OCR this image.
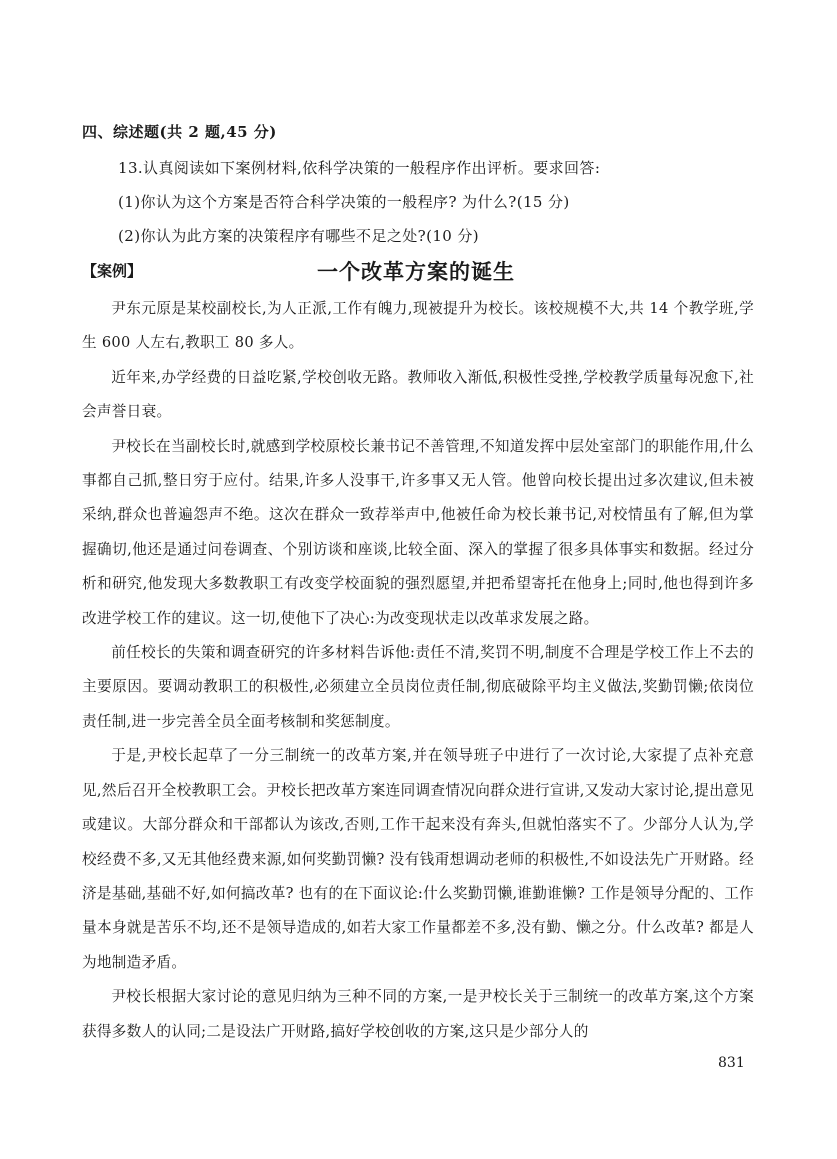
四、综述题(共 2 题,45 分)
13.认真阅读如下案例材料,依科学决策的一般程序作出评析。要求回答:
(1)你认为这个方案是否符合科学决策的一般程序? 为什么?(15 分)
(2)你认为此方案的决策程序有哪些不足之处?(10 分)
【案例】	一个改革方案的诞生

尹东元原是某校副校长,为人正派,工作有魄力,现被提升为校长。该校规模不大,共 14 个教学班,学生 600 人左右,教职工 80 多人。

近年来,办学经费的日益吃紧,学校创收无路。教师收入渐低,积极性受挫,学校教学质量每况愈下,社会声誉日衰。

尹校长在当副校长时,就感到学校原校长兼书记不善管理,不知道发挥中层处室部门的职能作用,什么事都自己抓,整日穷于应付。结果,许多人没事干,许多事又无人管。他曾向校长提出过多次建议,但未被采纳,群众也普遍怨声不绝。这次在群众一致荐举声中,他被任命为校长兼书记,对校情虽有了解,但为掌握确切,他还是通过问卷调查、个别访谈和座谈,比较全面、深入的掌握了很多具体事实和数据。经过分析和研究,他发现大多数教职工有改变学校面貌的强烈愿望,并把希望寄托在他身上;同时,他也得到许多改进学校工作的建议。这一切,使他下了决心:为改变现状走以改革求发展之路。

前任校长的失策和调查研究的许多材料告诉他:责任不清,奖罚不明,制度不合理是学校工作上不去的主要原因。要调动教职工的积极性,必须建立全员岗位责任制,彻底破除平均主义做法,奖勤罚懒;依岗位责任制,进一步完善全员全面考核制和奖惩制度。

于是,尹校长起草了一分三制统一的改革方案,并在领导班子中进行了一次讨论,大家提了点补充意见,然后召开全校教职工会。尹校长把改革方案连同调查情况向群众进行宣讲,又发动大家讨论,提出意见或建议。大部分群众和干部都认为该改,否则,工作干起来没有奔头,但就怕落实不了。少部分人认为,学校经费不多,又无其他经费来源,如何奖勤罚懒? 没有钱甭想调动老师的积极性,不如设法先广开财路。经济是基础,基础不好,如何搞改革? 也有的在下面议论:什么奖勤罚懒,谁勤谁懒? 工作是领导分配的、工作量本身就是苦乐不均,还不是领导造成的,如若大家工作量都差不多,没有勤、懒之分。什么改革? 都是人为地制造矛盾。

尹校长根据大家讨论的意见归纳为三种不同的方案,一是尹校长关于三制统一的改革方案,这个方案获得多数人的认同;二是设法广开财路,搞好学校创收的方案,这只是少部分人的

831
